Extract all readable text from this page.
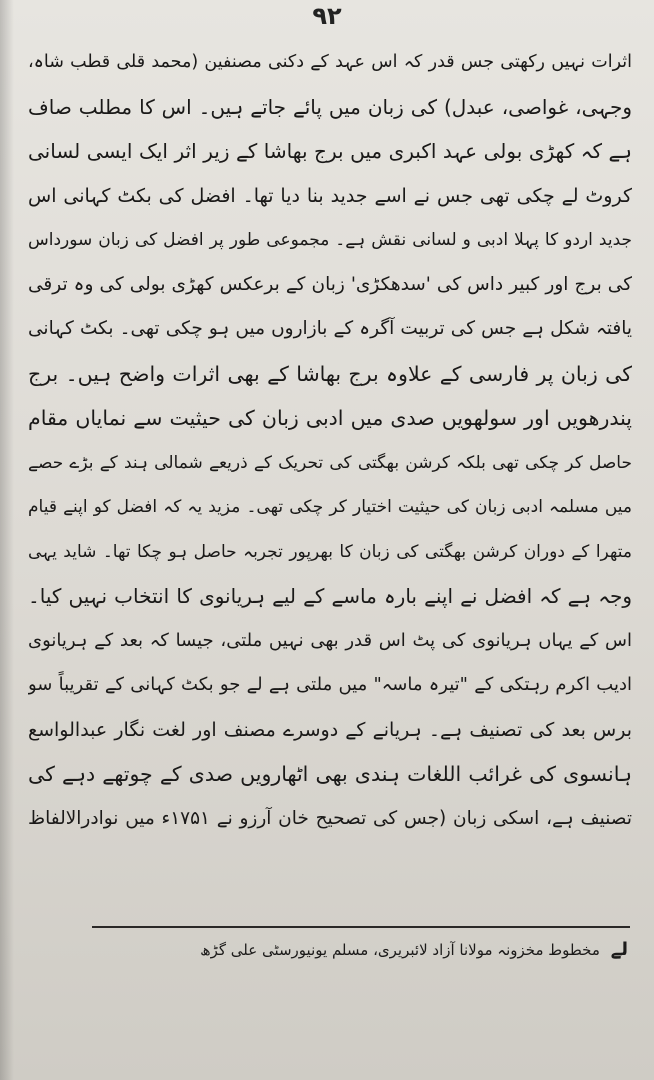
۹۲
اثرات نہیں رکھتی جس قدر کہ اس عہد کے دکنی مصنفین (محمد قلی قطب شاہ،
وجہی، غواصی، عبدل) کی زبان میں پائے جاتے ہیں۔ اس کا مطلب صاف
ہے کہ کھڑی بولی عہد اکبری میں برج بھاشا کے زیر اثر ایک ایسی لسانی
کروٹ لے چکی تھی جس نے اسے جدید بنا دیا تھا۔ افضل کی بکٹ کہانی اس
جدید اردو کا پہلا ادبی و لسانی نقش ہے۔ مجموعی طور پر افضل کی زبان سورداس
کی برج اور کبیر داس کی 'سدھکڑی' زبان کے برعکس کھڑی بولی کی وہ ترقی
یافتہ شکل ہے جس کی تربیت آگرہ کے بازاروں میں ہو چکی تھی۔ بکٹ کہانی
کی زبان پر فارسی کے علاوہ برج بھاشا کے بھی اثرات واضح ہیں۔ برج
پندرھویں اور سولھویں صدی میں ادبی زبان کی حیثیت سے نمایاں مقام
حاصل کر چکی تھی بلکہ کرشن بھگتی کی تحریک کے ذریعے شمالی ہند کے بڑے حصے
میں مسلمہ ادبی زبان کی حیثیت اختیار کر چکی تھی۔ مزید یہ کہ افضل کو اپنے قیام
متھرا کے دوران کرشن بھگتی کی زبان کا بھرپور تجربہ حاصل ہو چکا تھا۔ شاید یہی
وجہ ہے کہ افضل نے اپنے بارہ ماسے کے لیے ہریانوی کا انتخاب نہیں کیا۔
اس کے یہاں ہریانوی کی پٹ اس قدر بھی نہیں ملتی، جیسا کہ بعد کے ہریانوی
ادیب اکرم رہتکی کے "تیرہ ماسہ" میں ملتی ہے لے جو بکٹ کہانی کے تقریباً سو
برس بعد کی تصنیف ہے۔ ہریانے کے دوسرے مصنف اور لغت نگار عبدالواسع
ہانسوی کی غرائب اللغات ہندی بھی اٹھارویں صدی کے چوتھے دہے کی
تصنیف ہے، اسکی زبان (جس کی تصحیح خان آرزو نے ۱۷۵۱ء میں نوادرالالفاظ
لے مخطوط مخزونہ مولانا آزاد لائبریری، مسلم یونیورسٹی علی گڑھ
